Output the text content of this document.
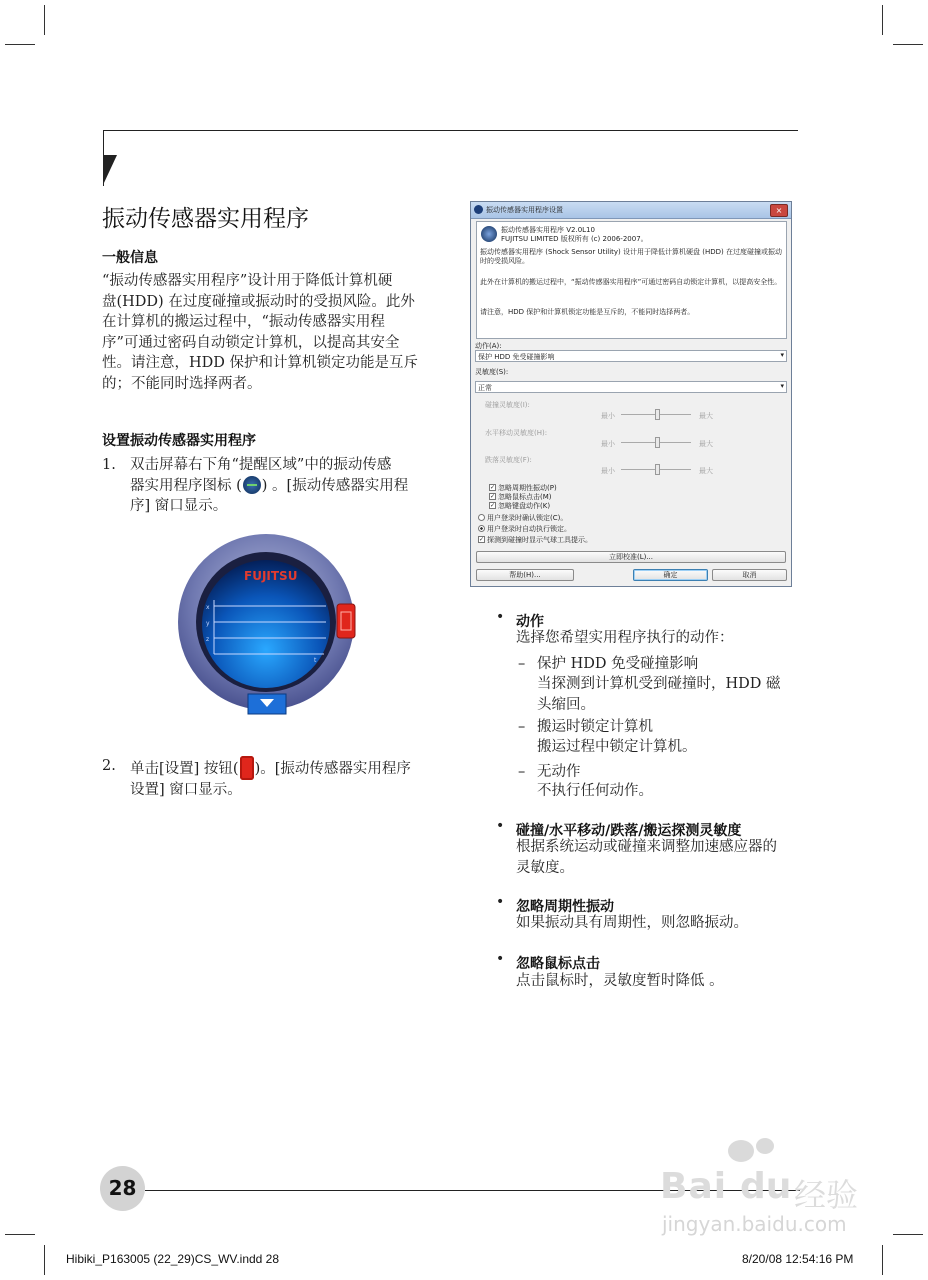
振动传感器实用程序
一般信息
“振动传感器实用程序”设计用于降低计算机硬
盘(HDD) 在过度碰撞或振动时的受损风险。此外
在计算机的搬运过程中，“振动传感器实用程
序”可通过密码自动锁定计算机，以提高其安全
性。请注意，HDD 保护和计算机锁定功能是互斥
的；不能同时选择两者。
设置振动传感器实用程序
1. 双击屏幕右下角“提醒区域”中的振动传感
器实用程序图标 ( ) 。[振动传感器实用程
序] 窗口显示。
FUJITSU
x
y
z
t
2. 单击[设置] 按钮( )。[振动传感器实用程序
设置] 窗口显示。
振动传感器实用程序设置	×
振动传感器实用程序 V2.0L10
FUJITSU LIMITED 版权所有 (c) 2006-2007。
振动传感器实用程序 (Shock Sensor Utility) 设计用于降低计算机硬盘 (HDD) 在过度碰撞或振动时的受损风险。
此外在计算机的搬运过程中，“振动传感器实用程序”可通过密码自动锁定计算机，以提高安全性。
请注意，HDD 保护和计算机锁定功能是互斥的，不能同时选择两者。
动作(A):
保护 HDD 免受碰撞影响	▾
灵敏度(S):
正常	▾
碰撞灵敏度(I):
最小	最大
水平移动灵敏度(H):
最小	最大
跌落灵敏度(F):
最小	最大
✓ 忽略周期性振动(P)
✓ 忽略鼠标点击(M)
✓ 忽略键盘动作(K)
用户登录时确认锁定(C)。
用户登录时自动执行锁定。
✓ 探测到碰撞时显示气球工具提示。
立即校准(L)...
帮助(H)...	确定	取消
• 动作
选择您希望实用程序执行的动作：
– 保护 HDD 免受碰撞影响
当探测到计算机受到碰撞时，HDD 磁
头缩回。
– 搬运时锁定计算机
搬运过程中锁定计算机。
– 无动作
不执行任何动作。
• 碰撞/水平移动/跌落/搬运探测灵敏度
根据系统运动或碰撞来调整加速感应器的
灵敏度。
• 忽略周期性振动
如果振动具有周期性，则忽略振动。
• 忽略鼠标点击
点击鼠标时，灵敏度暂时降低 。
28	Bai du 经验
jingyan.baidu.com
Hibiki_P163005 (22_29)CS_WV.indd 28	8/20/08 12:54:16 PM
